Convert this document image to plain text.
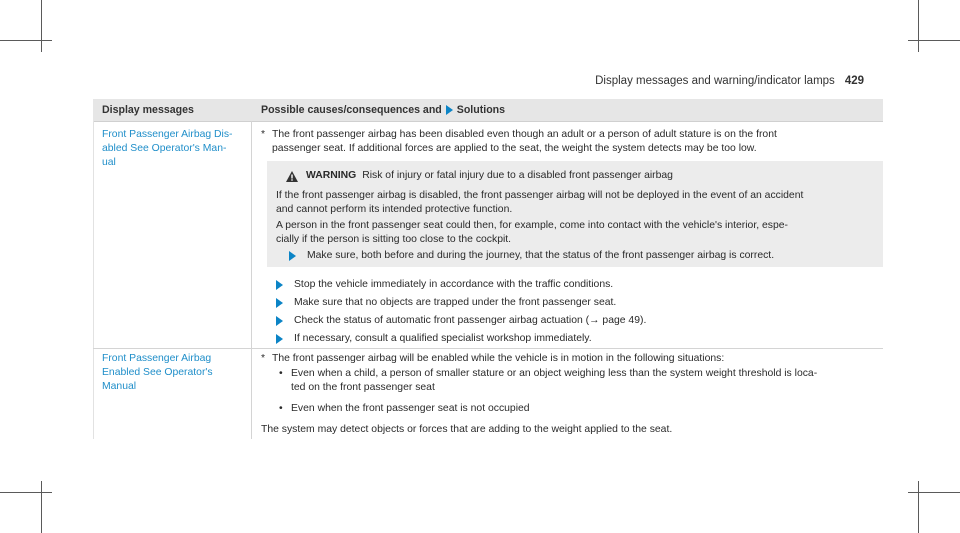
Display messages and warning/indicator lamps 429
Display messages	Possible causes/consequences and Solutions
Front Passenger Airbag Dis-
abled See Operator's Man-
ual
* The front passenger airbag has been disabled even though an adult or a person of adult stature is on the front
passenger seat. If additional forces are applied to the seat, the weight the system detects may be too low.
WARNING Risk of injury or fatal injury due to a disabled front passenger airbag
If the front passenger airbag is disabled, the front passenger airbag will not be deployed in the event of an accident
and cannot perform its intended protective function.
A person in the front passenger seat could then, for example, come into contact with the vehicle's interior, espe-
cially if the person is sitting too close to the cockpit.
Make sure, both before and during the journey, that the status of the front passenger airbag is correct.
Stop the vehicle immediately in accordance with the traffic conditions.
Make sure that no objects are trapped under the front passenger seat.
Check the status of automatic front passenger airbag actuation (→ page 49).
If necessary, consult a qualified specialist workshop immediately.
Front Passenger Airbag
Enabled See Operator's
Manual
* The front passenger airbag will be enabled while the vehicle is in motion in the following situations:
• Even when a child, a person of smaller stature or an object weighing less than the system weight threshold is loca-
ted on the front passenger seat
• Even when the front passenger seat is not occupied
The system may detect objects or forces that are adding to the weight applied to the seat.
